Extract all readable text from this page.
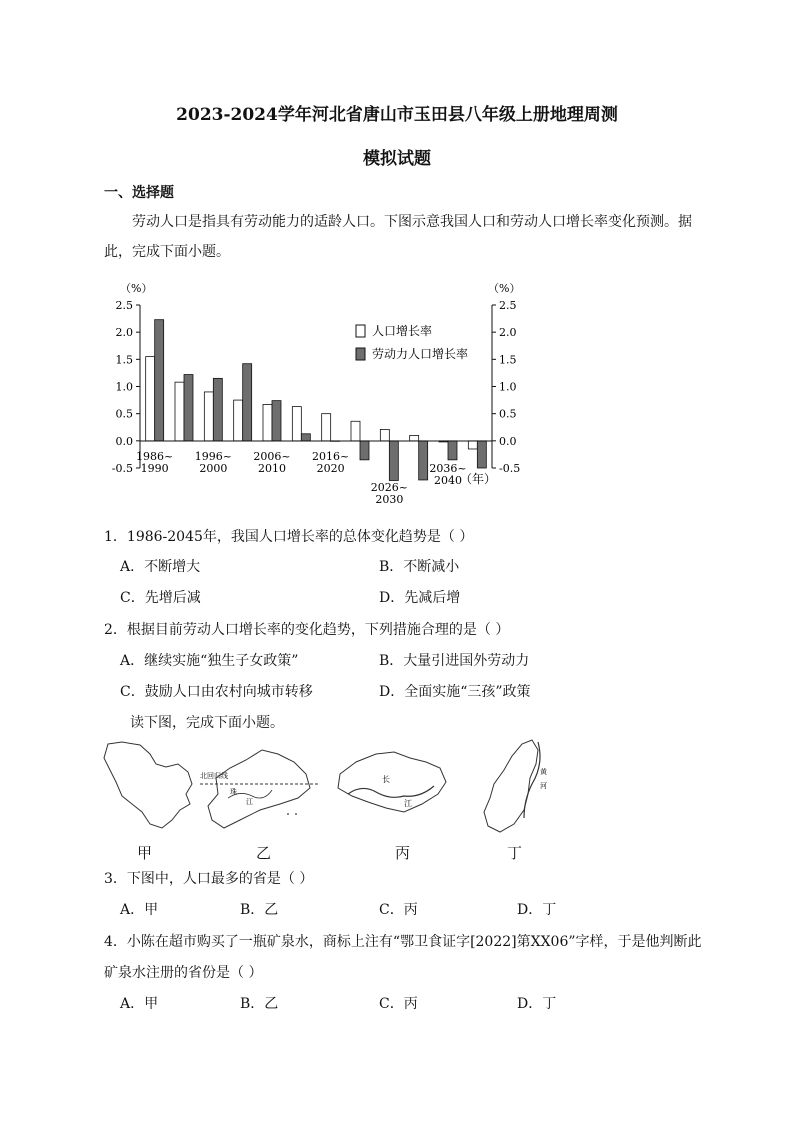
2023-2024学年河北省唐山市玉田县八年级上册地理周测
模拟试题
一、选择题
劳动人口是指具有劳动能力的适龄人口。下图示意我国人口和劳动人口增长率变化预测。据此，完成下面小题。
（%）	（%）
2.5	2.5
2.0	2.0
1.5	1.5
1.0	1.0
0.5	0.5
0.0	0.0
-0.5	-0.5
1986~
1990
1996~
2000
2006~
2010
2016~
2020
2026~
2030
2036~
2040
（年）
人口增长率
劳动力人口增长率
1．1986-2045年，我国人口增长率的总体变化趋势是（ ）
A．不断增大	B．不断减小
C．先增后减	D．先减后增
2．根据目前劳动人口增长率的变化趋势，下列措施合理的是（ ）
A．继续实施“独生子女政策”	B．大量引进国外劳动力
C．鼓励人口由农村向城市转移	D．全面实施“三孩”政策
读下图，完成下面小题。
北回归线
珠
江
长
江
黄
河
甲	乙	丙	丁
3．下图中，人口最多的省是（ ）
A．甲	B．乙	C．丙	D．丁
4．小陈在超市购买了一瓶矿泉水，商标上注有“鄂卫食证字[2022]第XX06”字样，于是他判断此
矿泉水注册的省份是（ ）
A．甲	B．乙	C．丙	D．丁
